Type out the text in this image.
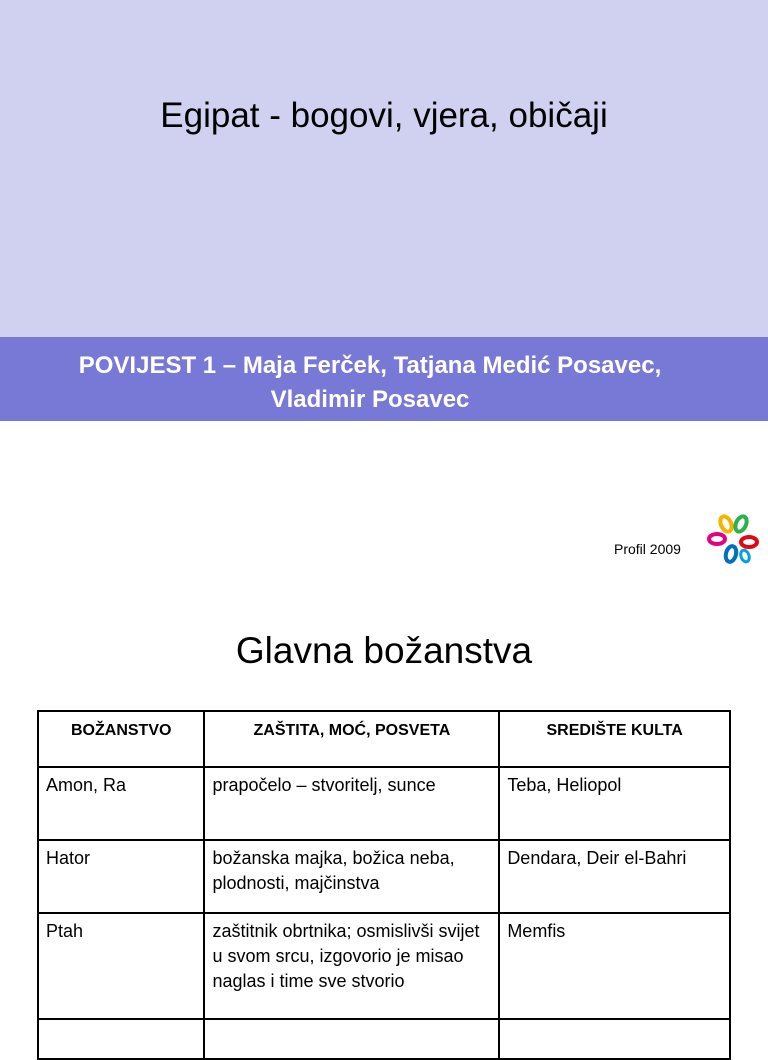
Egipat - bogovi, vjera, običaji
POVIJEST 1 – Maja Ferček, Tatjana Medić Posavec,
Vladimir Posavec
Profil 2009
Glavna božanstva
BOŽANSTVO	ZAŠTITA, MOĆ, POSVETA	SREDIŠTE KULTA
Amon, Ra	prapočelo – stvoritelj, sunce	Teba, Heliopol
Hator	božanska majka, božica neba, plodnosti, majčinstva	Dendara, Deir el-Bahri
Ptah	zaštitnik obrtnika; osmislivši svijet u svom srcu, izgovorio je misao naglas i time sve stvorio	Memfis
